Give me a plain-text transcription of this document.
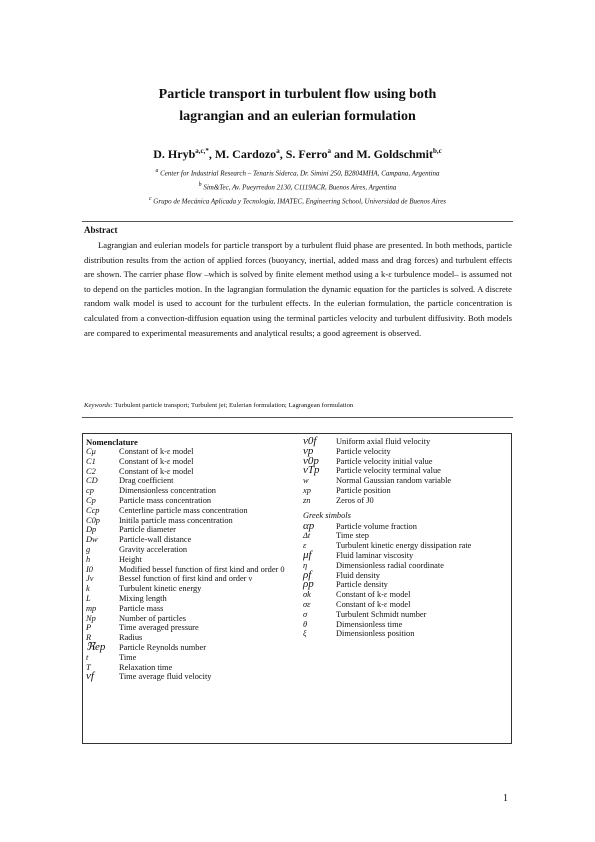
Particle transport in turbulent flow using both
lagrangian and an eulerian formulation
D. Hryb$^{a,c,*}$, M. Cardozo$^a$, S. Ferro$^a$ and M. Goldschmit$^{b,c}$
$^a$ Center for Industrial Research – Tenaris Siderca, Dr. Simini 250, B2804MHA, Campana, Argentina
$^b$ Sim&Tec, Av. Pueyrredon 2130, C1119ACR, Buenos Aires, Argentina
$^c$ Grupo de Mecánica Aplicada y Tecnología, IMATEC, Engineering School, Universidad de Buenos Aires
Abstract
Lagrangian and eulerian models for particle transport by a turbulent fluid phase are presented. In both methods, particle distribution results from the action of applied forces (buoyancy, inertial, added mass and drag forces) and turbulent effects are shown. The carrier phase flow –which is solved by finite element method using a k-ε turbulence model– is assumed not to depend on the particles motion. In the lagrangian formulation the dynamic equation for the particles is solved. A discrete random walk model is used to account for the turbulent effects. In the eulerian formulation, the particle concentration is calculated from a convection-diffusion equation using the terminal particles velocity and turbulent diffusivity. Both models are compared to experimental measurements and analytical results; a good agreement is observed.
Keywords: Turbulent particle transport; Turbulent jet; Eulerian formulation; Lagrangean formulation
Nomenclature
Cμ	Constant of k-ε model
C1	Constant of k-ε model
C2	Constant of k-ε model
CD	Drag coefficient
cp	Dimensionless concentration
Cp	Particle mass concentration
Ccp	Centerline particle mass concentration
C0p	Initila particle mass concentration
Dp	Particle diameter
Dw	Particle-wall distance
g	Gravity acceleration
h	Height
I0	Modified bessel function of first kind and order 0
Jν	Bessel function of first kind and order ν
k	Turbulent kinetic energy
L	Mixing length
mp	Particle mass
Np	Number of particles
P	Time averaged pressure
R	Radius
ℜep	Particle Reynolds number
t	Time
T	Relaxation time
vf	Time average fluid velocity
v0f	Uniform axial fluid velocity
vp	Particle velocity
v0p	Particle velocity initial value
vTp	Particle velocity terminal value
w	Normal Gaussian random variable
xp	Particle position
zn	Zeros of J0
Greek simbols
αp	Particle volume fraction
Δt	Time step
ε	Turbulent kinetic energy dissipation rate
μf	Fluid laminar viscosity
η	Dimensionless radial coordinate
ρf	Fluid density
ρp	Particle density
σk	Constant of k-ε model
σε	Constant of k-ε model
σ	Turbulent Schmidt number
θ	Dimensionless time
ξ	Dimensionless position
1
